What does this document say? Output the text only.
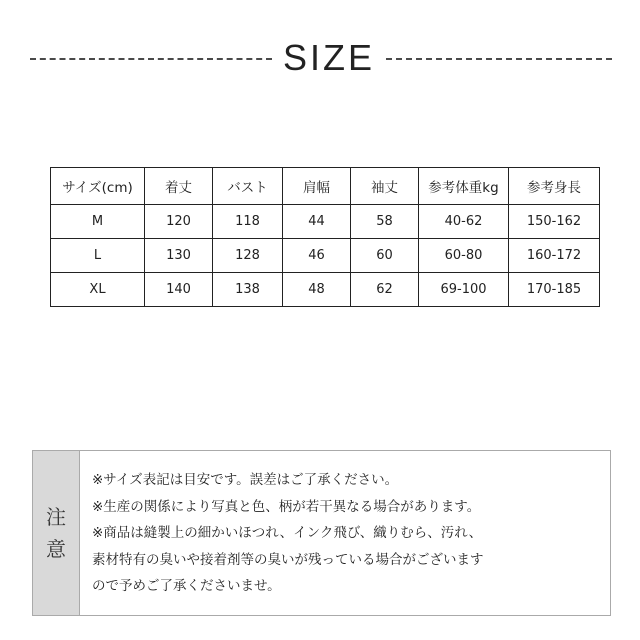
SIZE
サイズ(cm)	着丈	バスト	肩幅	袖丈	参考体重kg	参考身長
M	120	118	44	58	40-62	150-162
L	130	128	46	60	60-80	160-172
XL	140	138	48	62	69-100	170-185
注
意
※サイズ表記は目安です。誤差はご了承ください。
※生産の関係により写真と色、柄が若干異なる場合があります。
※商品は縫製上の細かいほつれ、インク飛び、織りむら、汚れ、
素材特有の臭いや接着剤等の臭いが残っている場合がございます
ので予めご了承くださいませ。
